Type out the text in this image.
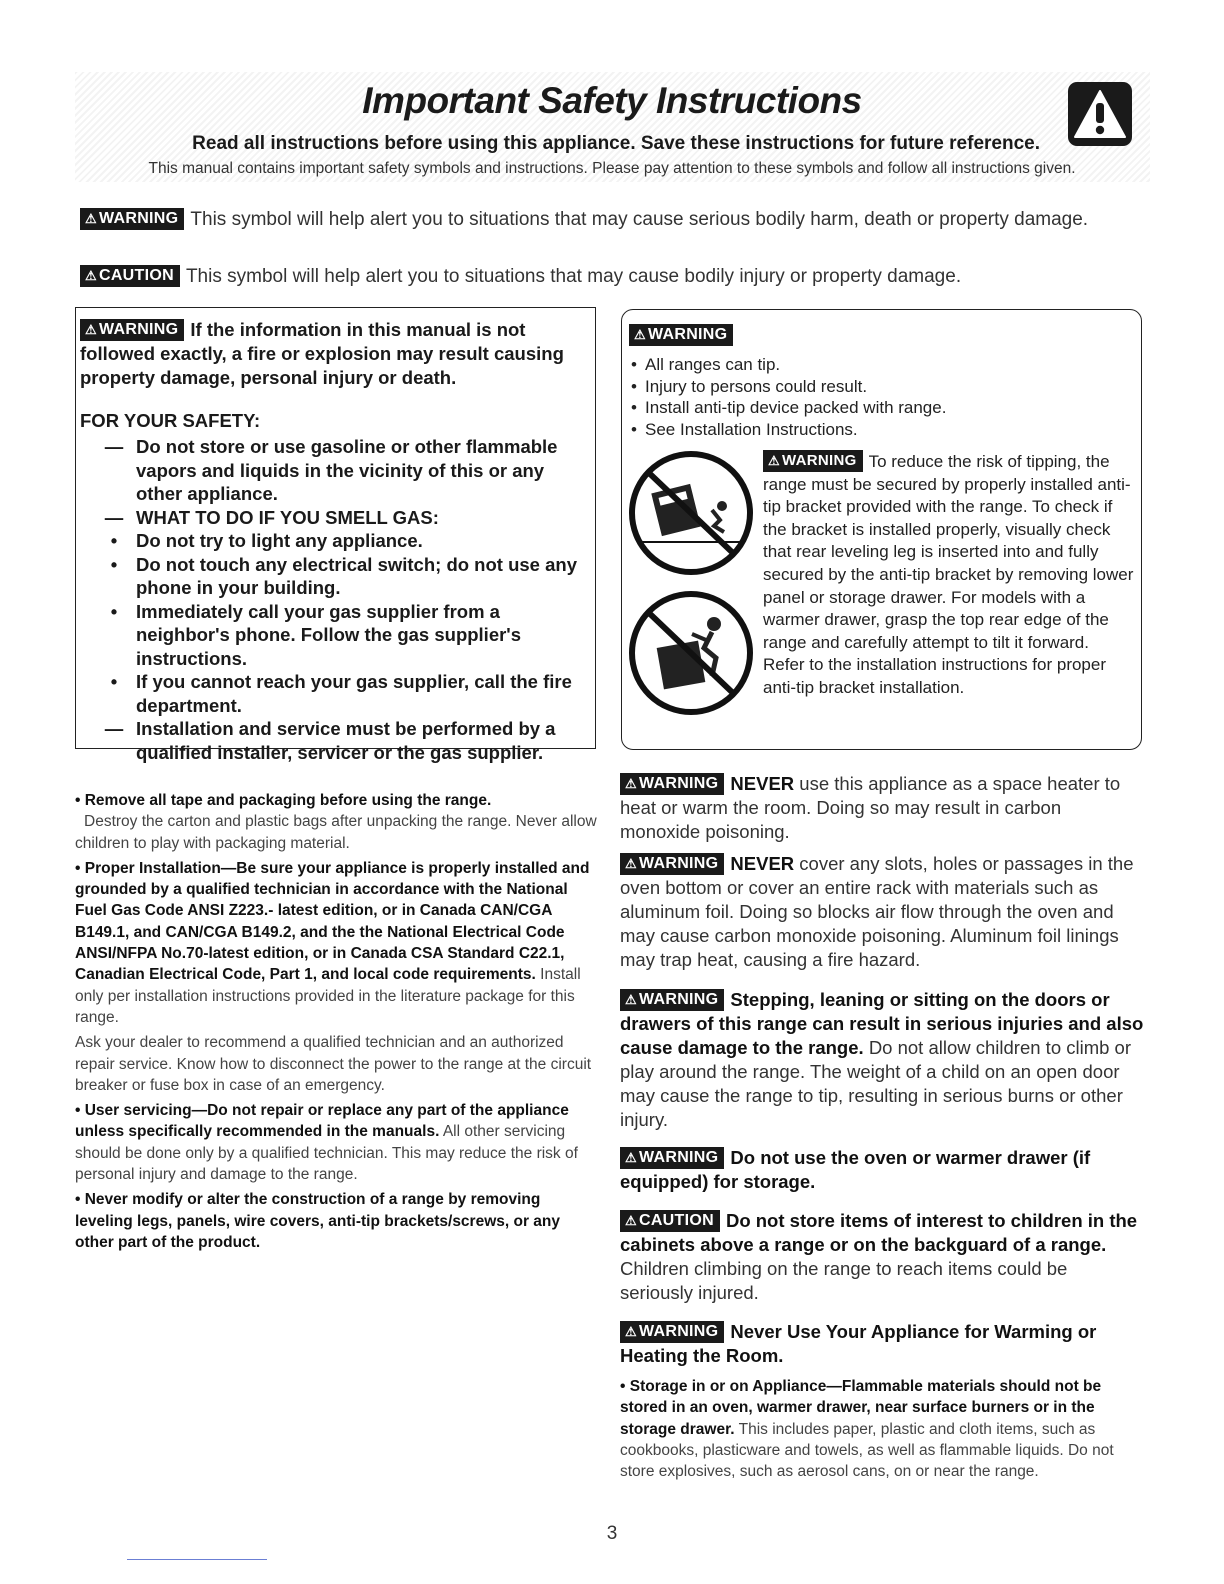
Important Safety Instructions
Read all instructions before using this appliance. Save these instructions for future reference.
This manual contains important safety symbols and instructions. Please pay attention to these symbols and follow all instructions given.
⚠ WARNING This symbol will help alert you to situations that may cause serious bodily harm, death or property damage.
⚠ CAUTION This symbol will help alert you to situations that may cause bodily injury or property damage.
⚠ WARNING If the information in this manual is not followed exactly, a fire or explosion may result causing property damage, personal injury or death.
FOR YOUR SAFETY:
— Do not store or use gasoline or other flammable vapors and liquids in the vicinity of this or any other appliance.
— WHAT TO DO IF YOU SMELL GAS:
•	Do not try to light any appliance.
•	Do not touch any electrical switch; do not use any phone in your building.
•	Immediately call your gas supplier from a neighbor's phone. Follow the gas supplier's instructions.
•	If you cannot reach your gas supplier, call the fire department.
— Installation and service must be performed by a qualified installer, servicer or the gas supplier.
• Remove all tape and packaging before using the range.
Destroy the carton and plastic bags after unpacking the range. Never allow children to play with packaging material.
• Proper Installation—Be sure your appliance is properly installed and grounded by a qualified technician in accordance with the National Fuel Gas Code ANSI Z223.- latest edition, or in Canada CAN/CGA B149.1, and CAN/CGA B149.2, and the the National Electrical Code ANSI/NFPA No.70-latest edition, or in Canada CSA Standard C22.1, Canadian Electrical Code, Part 1, and local code requirements. Install only per installation instructions provided in the literature package for this range.
Ask your dealer to recommend a qualified technician and an authorized repair service. Know how to disconnect the power to the range at the circuit breaker or fuse box in case of an emergency.
• User servicing—Do not repair or replace any part of the appliance unless specifically recommended in the manuals. All other servicing should be done only by a qualified technician. This may reduce the risk of personal injury and damage to the range.
• Never modify or alter the construction of a range by removing leveling legs, panels, wire covers, anti-tip brackets/screws, or any other part of the product.
⚠ WARNING
• All ranges can tip.
• Injury to persons could result.
• Install anti-tip device packed with range.
• See Installation Instructions.
⚠ WARNING To reduce the risk of tipping, the range must be secured by properly installed anti-tip bracket provided with the range. To check if the bracket is installed properly, visually check that rear leveling leg is inserted into and fully secured by the anti-tip bracket by removing lower panel or storage drawer. For models with a warmer drawer, grasp the top rear edge of the range and carefully attempt to tilt it forward. Refer to the installation instructions for proper anti-tip bracket installation.
⚠ WARNING NEVER use this appliance as a space heater to heat or warm the room. Doing so may result in carbon monoxide poisoning.
⚠ WARNING NEVER cover any slots, holes or passages in the oven bottom or cover an entire rack with materials such as aluminum foil. Doing so blocks air flow through the oven and may cause carbon monoxide poisoning. Aluminum foil linings may trap heat, causing a fire hazard.
⚠ WARNING Stepping, leaning or sitting on the doors or drawers of this range can result in serious injuries and also cause damage to the range. Do not allow children to climb or play around the range. The weight of a child on an open door may cause the range to tip, resulting in serious burns or other injury.
⚠ WARNING Do not use the oven or warmer drawer (if equipped) for storage.
⚠ CAUTION Do not store items of interest to children in the cabinets above a range or on the backguard of a range. Children climbing on the range to reach items could be seriously injured.
⚠ WARNING Never Use Your Appliance for Warming or Heating the Room.
• Storage in or on Appliance—Flammable materials should not be stored in an oven, warmer drawer, near surface burners or in the storage drawer. This includes paper, plastic and cloth items, such as cookbooks, plasticware and towels, as well as flammable liquids. Do not store explosives, such as aerosol cans, on or near the range.
3
